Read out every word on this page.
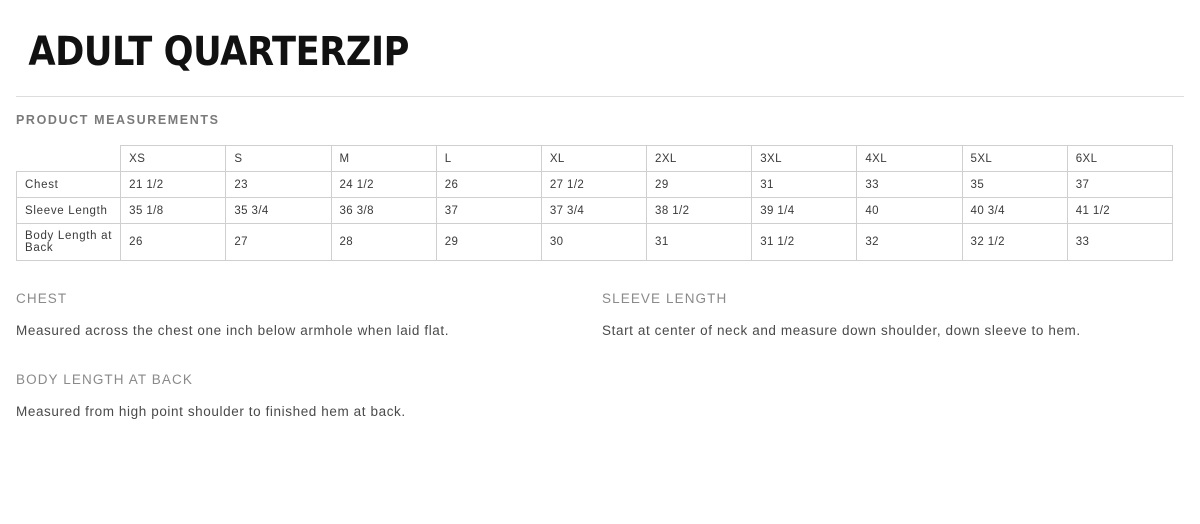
ADULT QUARTERZIP
PRODUCT MEASUREMENTS
	XS	S	M	L	XL	2XL	3XL	4XL	5XL	6XL
Chest	21 1/2	23	24 1/2	26	27 1/2	29	31	33	35	37
Sleeve Length	35 1/8	35 3/4	36 3/8	37	37 3/4	38 1/2	39 1/4	40	40 3/4	41 1/2
Body Length at Back	26	27	28	29	30	31	31 1/2	32	32 1/2	33
CHEST
Measured across the chest one inch below armhole when laid flat.
SLEEVE LENGTH
Start at center of neck and measure down shoulder, down sleeve to hem.
BODY LENGTH AT BACK
Measured from high point shoulder to finished hem at back.
